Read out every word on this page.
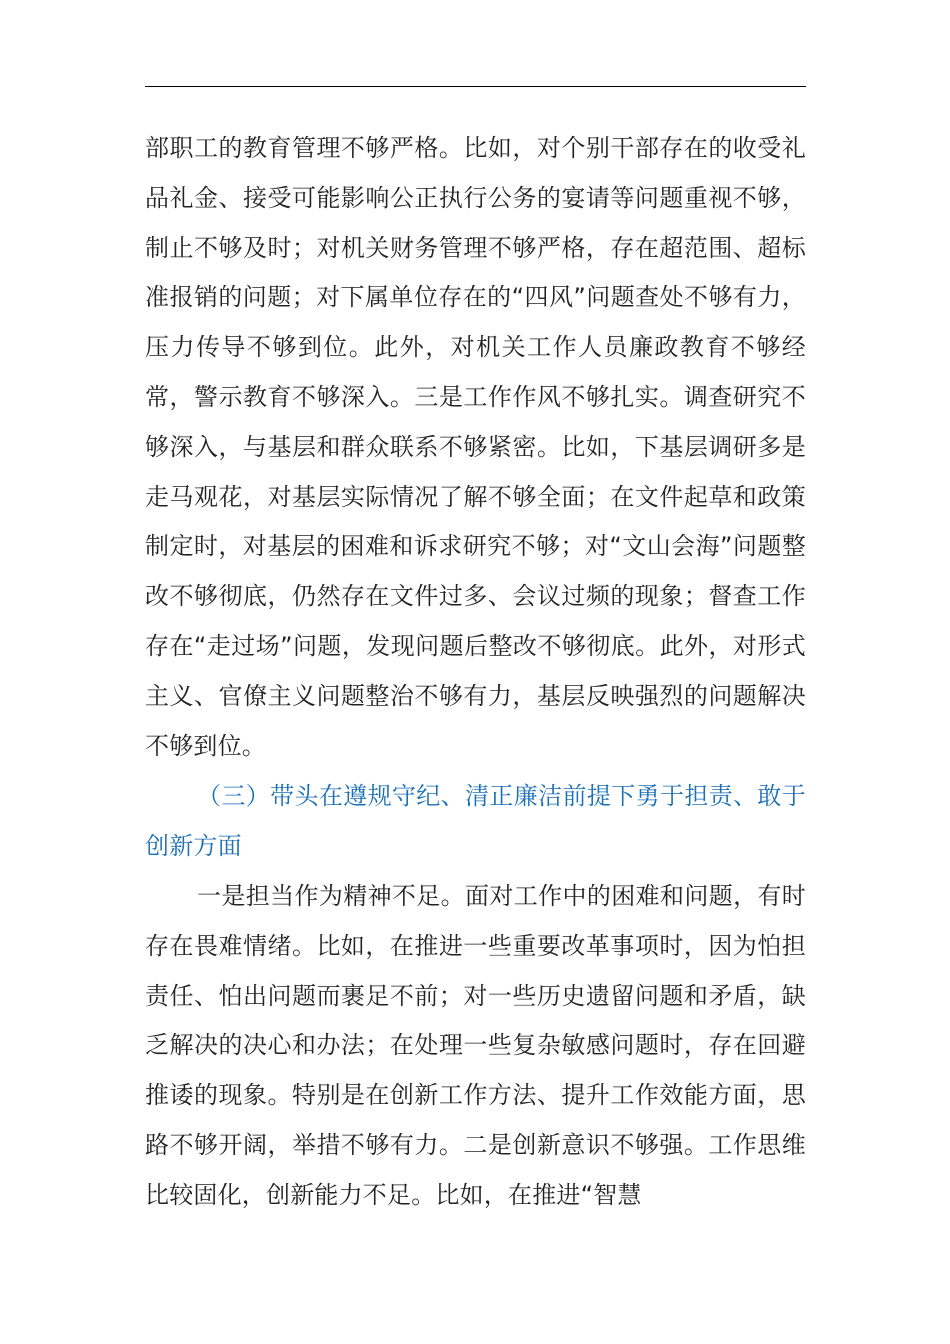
部职工的教育管理不够严格。比如，对个别干部存在的收受礼品礼金、接受可能影响公正执行公务的宴请等问题重视不够，制止不够及时；对机关财务管理不够严格，存在超范围、超标准报销的问题；对下属单位存在的“四风”问题查处不够有力，压力传导不够到位。此外，对机关工作人员廉政教育不够经常，警示教育不够深入。三是工作作风不够扎实。调查研究不够深入，与基层和群众联系不够紧密。比如，下基层调研多是走马观花，对基层实际情况了解不够全面；在文件起草和政策制定时，对基层的困难和诉求研究不够；对“文山会海”问题整改不够彻底，仍然存在文件过多、会议过频的现象；督查工作存在“走过场”问题，发现问题后整改不够彻底。此外，对形式主义、官僚主义问题整治不够有力，基层反映强烈的问题解决不够到位。

（三）带头在遵规守纪、清正廉洁前提下勇于担责、敢于创新方面

一是担当作为精神不足。面对工作中的困难和问题，有时存在畏难情绪。比如，在推进一些重要改革事项时，因为怕担责任、怕出问题而裹足不前；对一些历史遗留问题和矛盾，缺乏解决的决心和办法；在处理一些复杂敏感问题时，存在回避推诿的现象。特别是在创新工作方法、提升工作效能方面，思路不够开阔，举措不够有力。二是创新意识不够强。工作思维比较固化，创新能力不足。比如，在推进“智慧
